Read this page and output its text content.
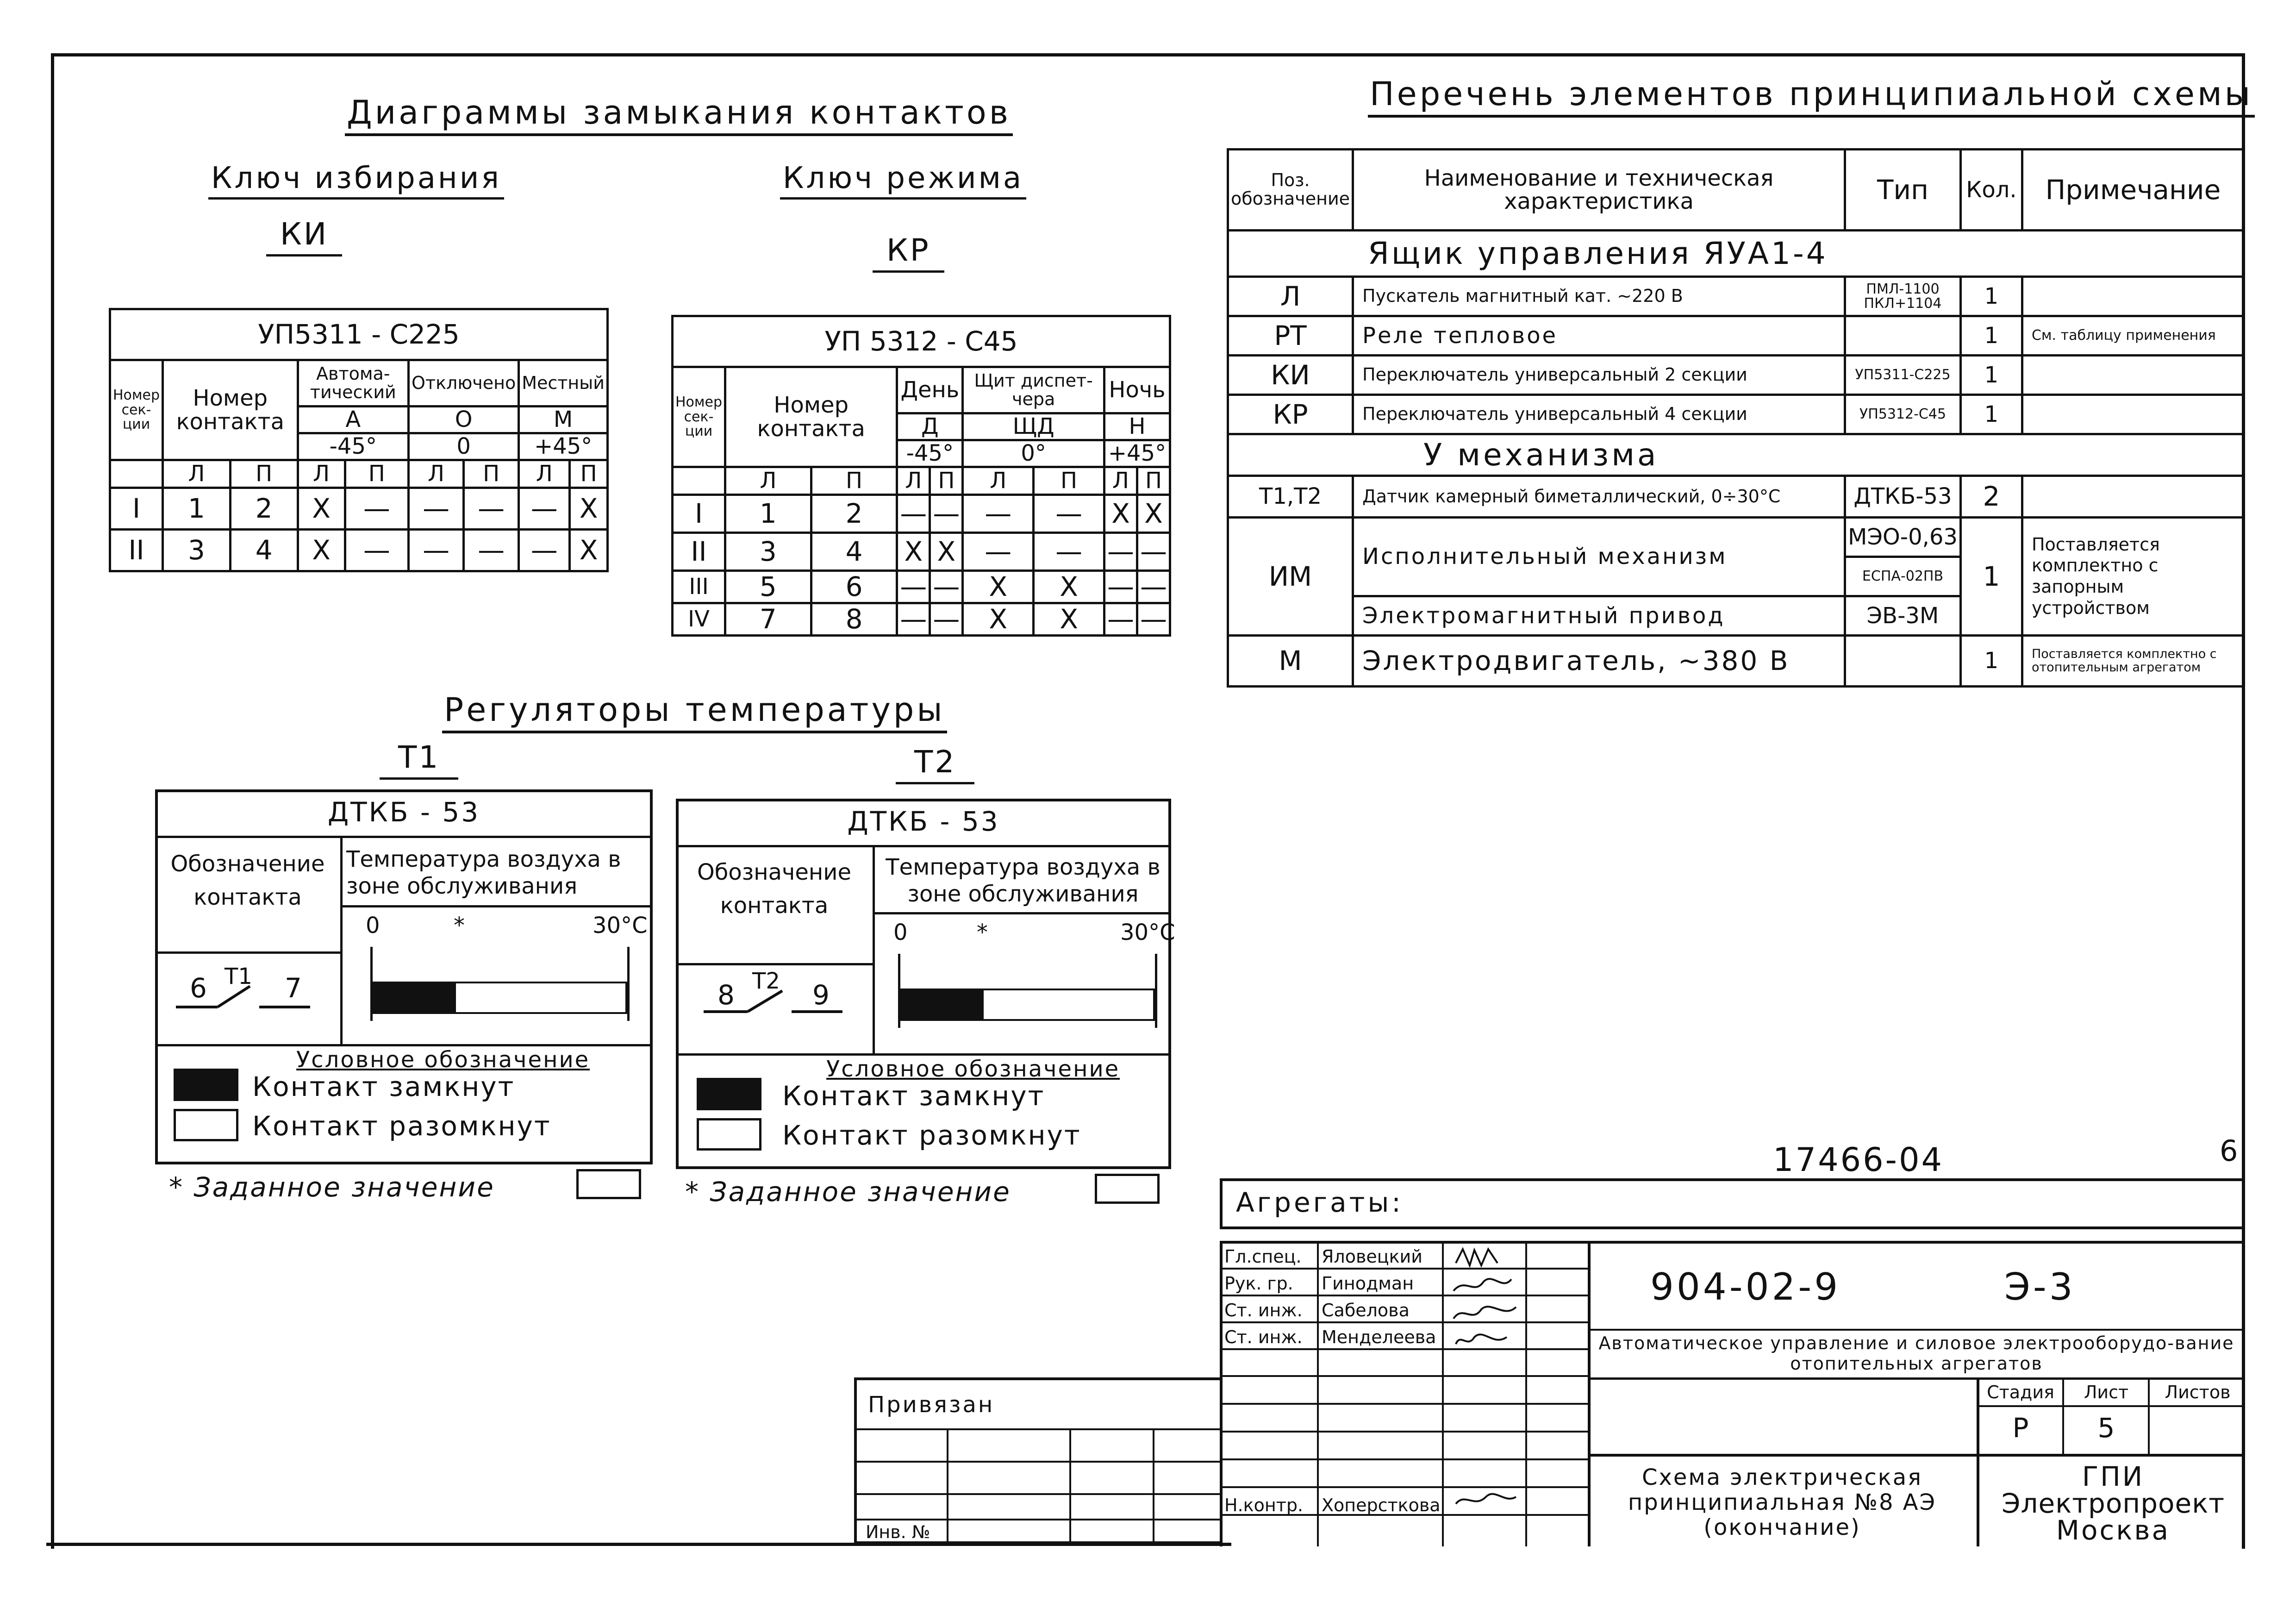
6
17466-04
Диаграммы замыкания контактов
Ключ избирания
КИ
Ключ режима
КР
УП5311 - С225								
Номер сек-ции	Номер контакта		Автома-тический		Отключено		Местный	
			А		О		М	
			-45°		0		+45°	
	Л	П	Л	П	Л	П	Л	П
I	1	2	X	—	—	—	—	X
II	3	4	X	—	—	—	—	X
УП 5312 - С45								
Номер сек-ции	Номер контакта		День		Щит диспет-чера		Ночь	
			Д		ЩД		Н	
			-45°		0°		+45°	
	Л	П	Л	П	Л	П	Л	П
I	1	2	—	—	—	—	X	X
II	3	4	X	X	—	—	—	—
III	5	6	—	—	X	X	—	—
IV	7	8	—	—	X	X	—	—
Регуляторы температуры
Т1	Т2
ДТКБ - 53
Обозначение контакта
Температура воздуха в зоне обслуживания
0	*	30°C
6 Т1 7
Условное обозначение
Контакт замкнут
Контакт разомкнут
* Заданное значение
ДТКБ - 53
Обозначение контакта
Температура воздуха в зоне обслуживания
0	*	30°C
8 Т2 9
Условное обозначение
Контакт замкнут
Контакт разомкнут
* Заданное значение
Перечень элементов принципиальной схемы
Поз. обозначение	Наименование и техническая характеристика	Тип	Кол.	Примечание
Ящик управления ЯУА1-4				
Л	Пускатель магнитный кат. ~220 В	ПМЛ-1100 ПКЛ+1104	1	
РТ	Реле тепловое		1	См. таблицу применения
КИ	Переключатель универсальный 2 секции	УП5311-С225	1	
КР	Переключатель универсальный 4 секции	УП5312-С45	1	
У механизма				
Т1,Т2	Датчик камерный биметаллический, 0÷30°С	ДТКБ-53	2	
ИМ	Исполнительный механизм	МЭО-0,63	1	Поставляется комплектно с запорным устройством
		ЕСПА-02ПВ		
	Электромагнитный привод	ЭВ-3М		
М	Электродвигатель, ~380 В		1	Поставляется комплектно с отопительным агрегатом
Агрегаты:
Привязан
Инв. №
Гл.спец. Яловецкий
Рук. гр. Гинодман
Ст. инж. Сабелова
Ст. инж. Менделеева
Н.контр. Хоперсткова
904-02-9	Э-3
Автоматическое управление и силовое электрооборудо-вание отопительных агрегатов
Стадия	Лист	Листов
Р	5
Схема электрическая принципиальная №8 АЭ (окончание)
ГПИ
Электропроект
Москва
